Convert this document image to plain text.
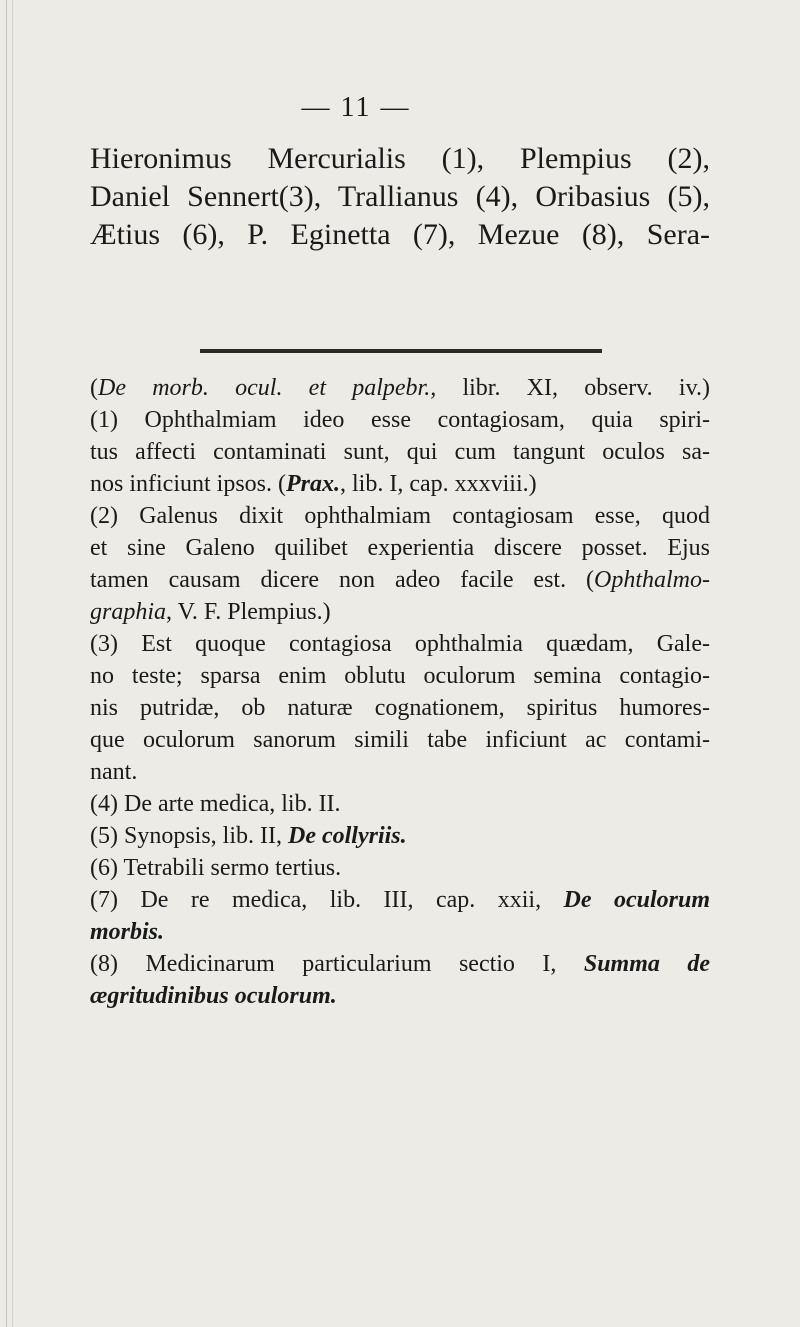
— 11 —
Hieronimus Mercurialis (1), Plempius (2),
Daniel Sennert(3), Trallianus (4), Oribasius (5),
Ætius (6), P. Eginetta (7), Mezue (8), Sera-
(De morb. ocul. et palpebr., libr. XI, observ. iv.)
(1) Ophthalmiam ideo esse contagiosam, quia spiri-
tus affecti contaminati sunt, qui cum tangunt oculos sa-
nos inficiunt ipsos. (Prax., lib. I, cap. xxxviii.)
(2) Galenus dixit ophthalmiam contagiosam esse, quod
et sine Galeno quilibet experientia discere posset. Ejus
tamen causam dicere non adeo facile est. (Ophthalmo-
graphia, V. F. Plempius.)
(3) Est quoque contagiosa ophthalmia quædam, Gale-
no teste; sparsa enim oblutu oculorum semina contagio-
nis putridæ, ob naturæ cognationem, spiritus humores-
que oculorum sanorum simili tabe inficiunt ac contami-
nant.
(4) De arte medica, lib. II.
(5) Synopsis, lib. II, De collyriis.
(6) Tetrabili sermo tertius.
(7) De re medica, lib. III, cap. xxii, De oculorum
morbis.
(8) Medicinarum particularium sectio I, Summa de
ægritudinibus oculorum.
